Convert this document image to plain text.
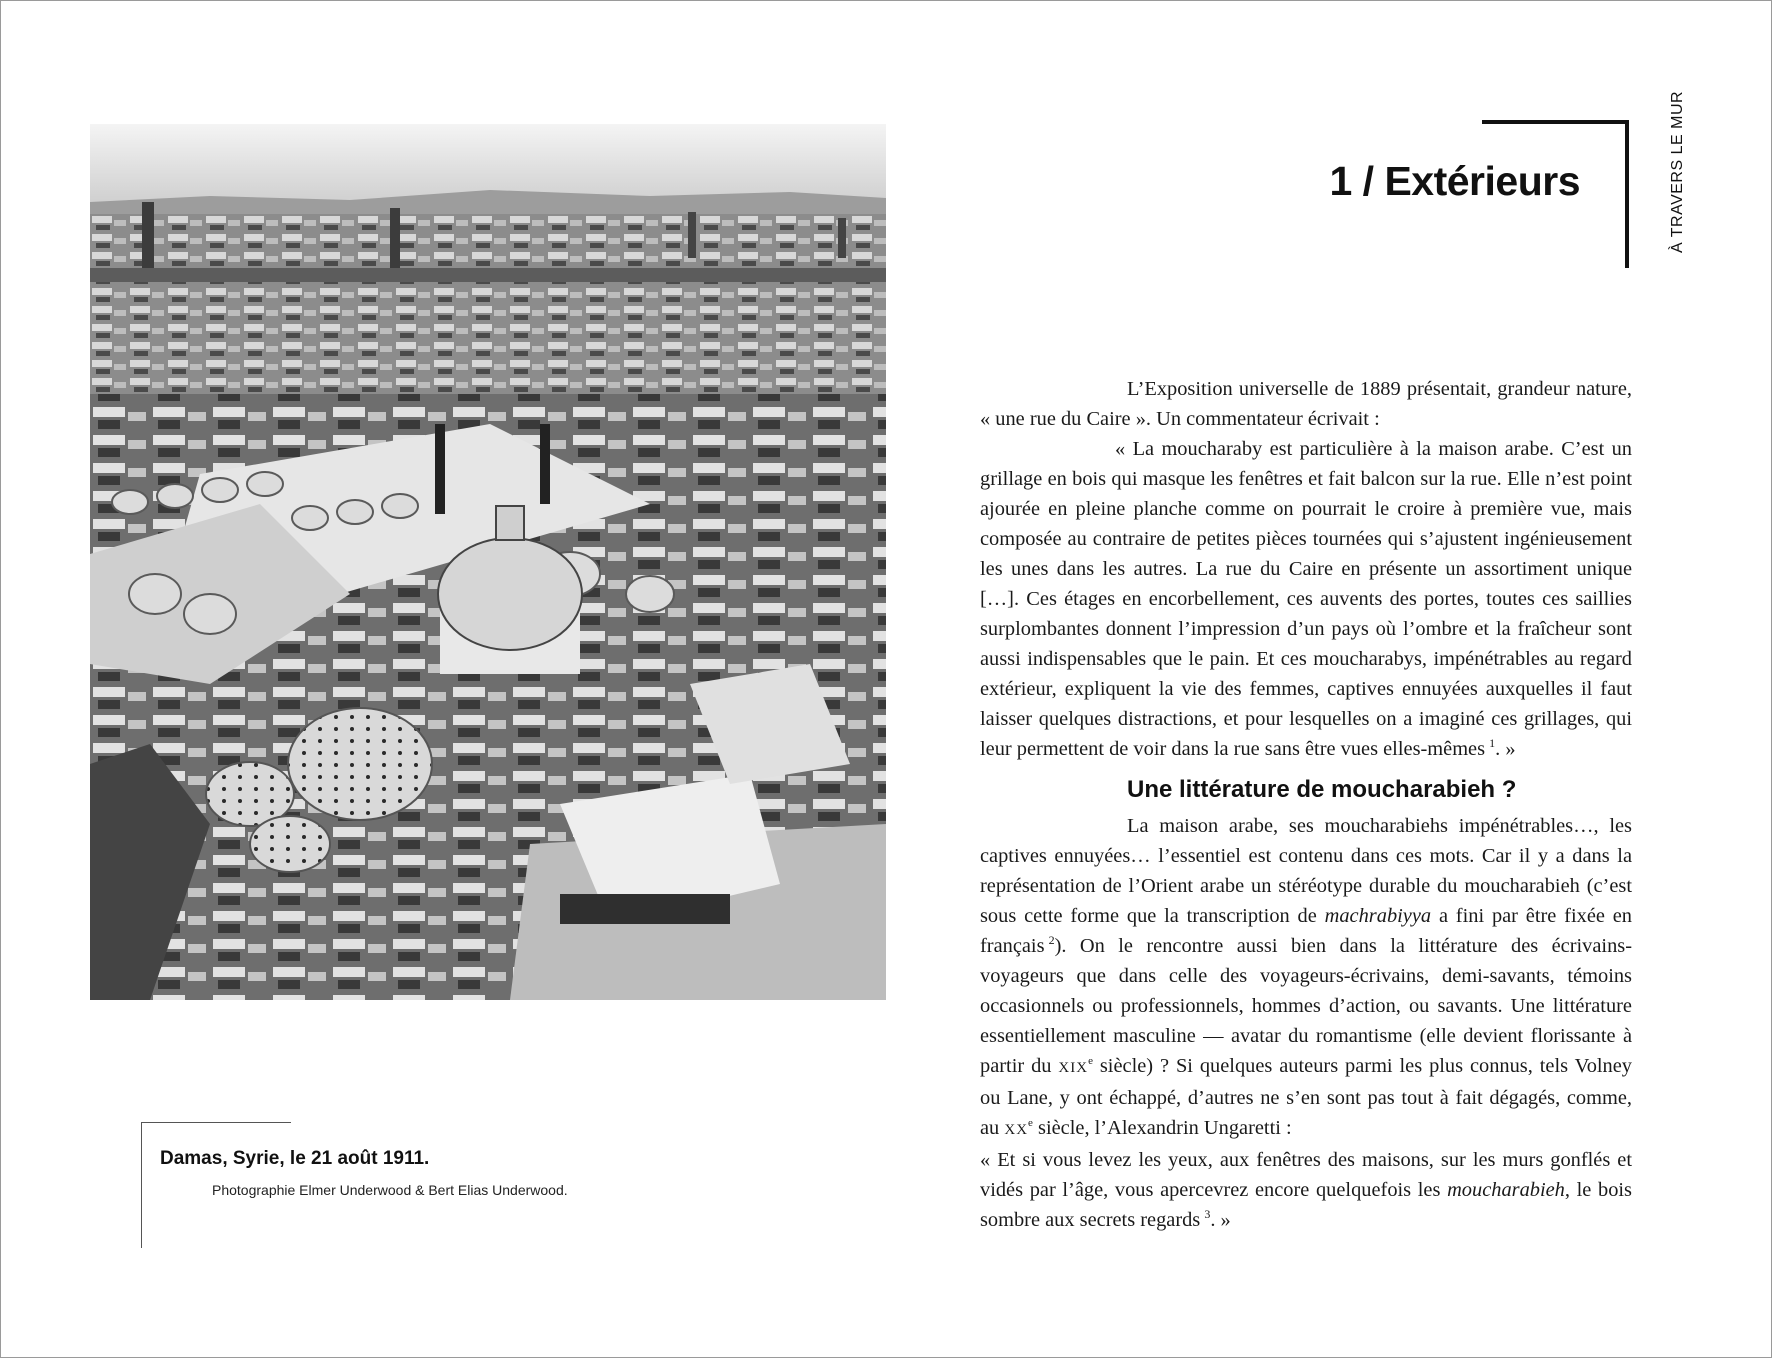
Damas, Syrie, le 21 août 1911.
Photographie Elmer Underwood & Bert Elias Underwood.
1 / Extérieurs	À TRAVERS LE MUR

L’Exposition universelle de 1889 présentait, grandeur nature, « une rue du Caire ». Un commentateur écrivait :

« La moucharaby est particulière à la maison arabe. C’est un grillage en bois qui masque les fenêtres et fait balcon sur la rue. Elle n’est point ajourée en pleine planche comme on pourrait le croire à première vue, mais composée au contraire de petites pièces tournées qui s’ajustent ingénieusement les unes dans les autres. La rue du Caire en présente un assortiment unique […]. Ces étages en encorbellement, ces auvents des portes, toutes ces saillies surplombantes donnent l’impression d’un pays où l’ombre et la fraîcheur sont aussi indispensables que le pain. Et ces moucharabys, impénétrables au regard extérieur, expliquent la vie des femmes, captives ennuyées auxquelles il faut laisser quelques distractions, et pour lesquelles on a imaginé ces grillages, qui leur permettent de voir dans la rue sans être vues elles-mêmes  $^1$. »

Une littérature de moucharabieh ?

La maison arabe, ses moucharabiehs impénétrables…, les captives ennuyées… l’essentiel est contenu dans ces mots. Car il y a dans la représentation de l’Orient arabe un stéréotype durable du moucharabieh (c’est sous cette forme que la transcription de machrabiyya a fini par être fixée en français  $^2$). On le rencontre aussi bien dans la littérature des écrivains-voyageurs que dans celle des voyageurs-écrivains, demi-savants, témoins occasionnels ou professionnels, hommes d’action, ou savants. Une littérature essentiellement masculine — avatar du romantisme (elle devient florissante à partir du XIXe siècle) ? Si quelques auteurs parmi les plus connus, tels Volney ou Lane, y ont échappé, d’autres ne s’en sont pas tout à fait dégagés, comme, au XXe siècle, l’Alexandrin Ungaretti :

« Et si vous levez les yeux, aux fenêtres des maisons, sur les murs gonflés et vidés par l’âge, vous apercevrez encore quelquefois les moucharabieh, le bois sombre aux secrets regards  $^3$. »
